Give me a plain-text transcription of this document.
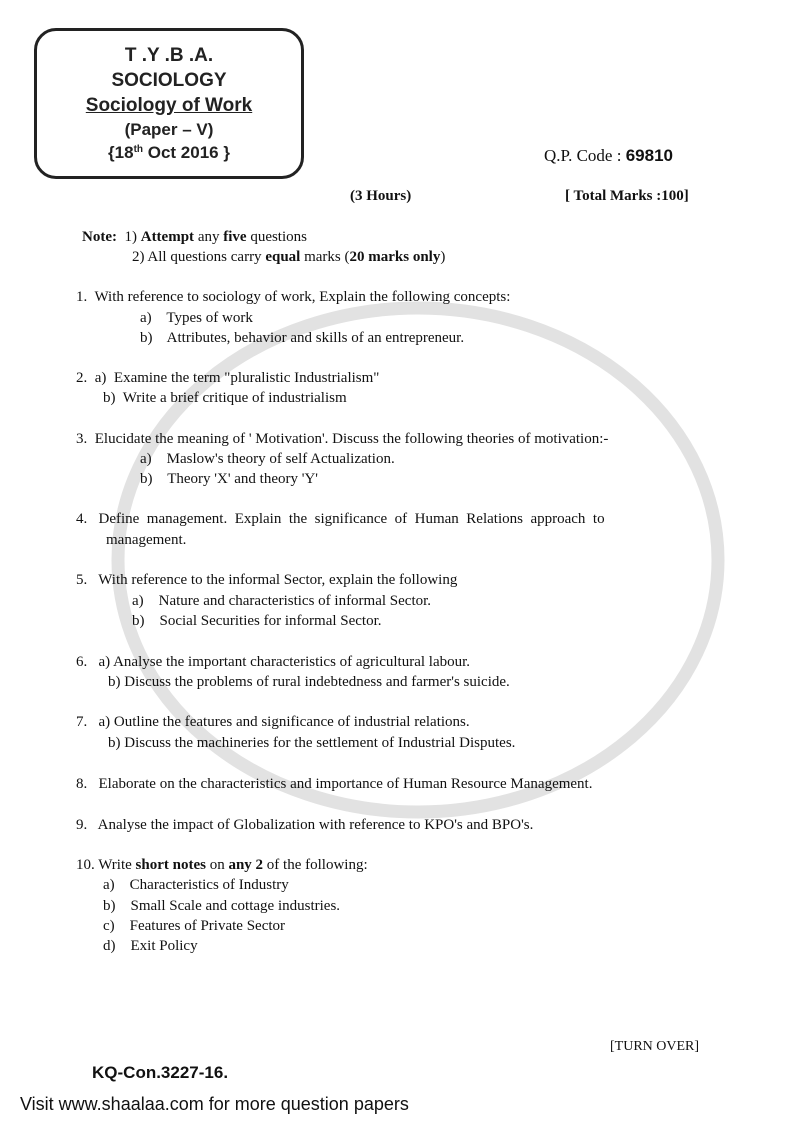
T .Y .B .A.
SOCIOLOGY
Sociology of Work
(Paper – V)
{18th Oct 2016 }	Q.P. Code : 69810
(3 Hours)	[ Total Marks :100]
Note: 1) Attempt any five questions
2) All questions carry equal marks (20 marks only)
1.  With reference to sociology of work, Explain the following concepts:
a)    Types of work
b)    Attributes, behavior and skills of an entrepreneur.
2.  a)  Examine the term "pluralistic Industrialism"
b)  Write a brief critique of industrialism
3.  Elucidate the meaning of ' Motivation'. Discuss the following theories of motivation:-
a)    Maslow's theory of self Actualization.
b)    Theory 'X' and theory 'Y'
4.   Define  management.  Explain  the  significance  of  Human  Relations  approach  to
management.
5.   With reference to the informal Sector, explain the following
a)    Nature and characteristics of informal Sector.
b)    Social Securities for informal Sector.
6.   a) Analyse the important characteristics of agricultural labour.
b) Discuss the problems of rural indebtedness and farmer's suicide.
7.   a) Outline the features and significance of industrial relations.
b) Discuss the machineries for the settlement of Industrial Disputes.
8.   Elaborate on the characteristics and importance of Human Resource Management.
9.   Analyse the impact of Globalization with reference to KPO's and BPO's.
10. Write short notes on any 2 of the following:
a)    Characteristics of Industry
b)    Small Scale and cottage industries.
c)    Features of Private Sector
d)    Exit Policy
[TURN OVER]
KQ-Con.3227-16.
Visit www.shaalaa.com for more question papers
